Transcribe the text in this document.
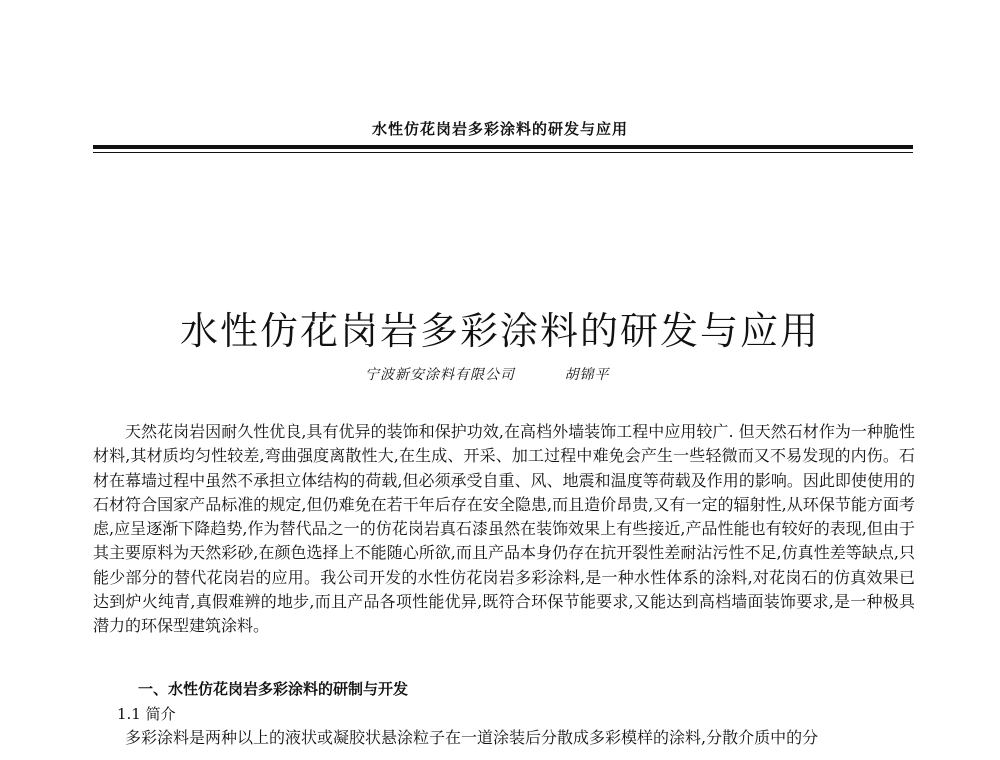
水性仿花岗岩多彩涂料的研发与应用
水性仿花岗岩多彩涂料的研发与应用
宁波新安涂料有限公司	胡锦平

天然花岗岩因耐久性优良,具有优异的装饰和保护功效,在高档外墙装饰工程中应用较广. 但天然石材作为一种脆性材料,其材质均匀性较差,弯曲强度离散性大,在生成、开采、加工过程中难免会产生一些轻微而又不易发现的内伤。石材在幕墙过程中虽然不承担立体结构的荷载,但必须承受自重、风、地震和温度等荷载及作用的影响。因此即使使用的石材符合国家产品标准的规定,但仍难免在若干年后存在安全隐患,而且造价昂贵,又有一定的辐射性,从环保节能方面考虑,应呈逐渐下降趋势,作为替代品之一的仿花岗岩真石漆虽然在装饰效果上有些接近,产品性能也有较好的表现,但由于其主要原料为天然彩砂,在颜色选择上不能随心所欲,而且产品本身仍存在抗开裂性差耐沾污性不足,仿真性差等缺点,只能少部分的替代花岗岩的应用。我公司开发的水性仿花岗岩多彩涂料,是一种水性体系的涂料,对花岗石的仿真效果已达到炉火纯青,真假难辨的地步,而且产品各项性能优异,既符合环保节能要求,又能达到高档墙面装饰要求,是一种极具潜力的环保型建筑涂料。

一、水性仿花岗岩多彩涂料的研制与开发
1.1 简介

多彩涂料是两种以上的液状或凝胶状悬涂粒子在一道涂装后分散成多彩模样的涂料,分散介质中的分
